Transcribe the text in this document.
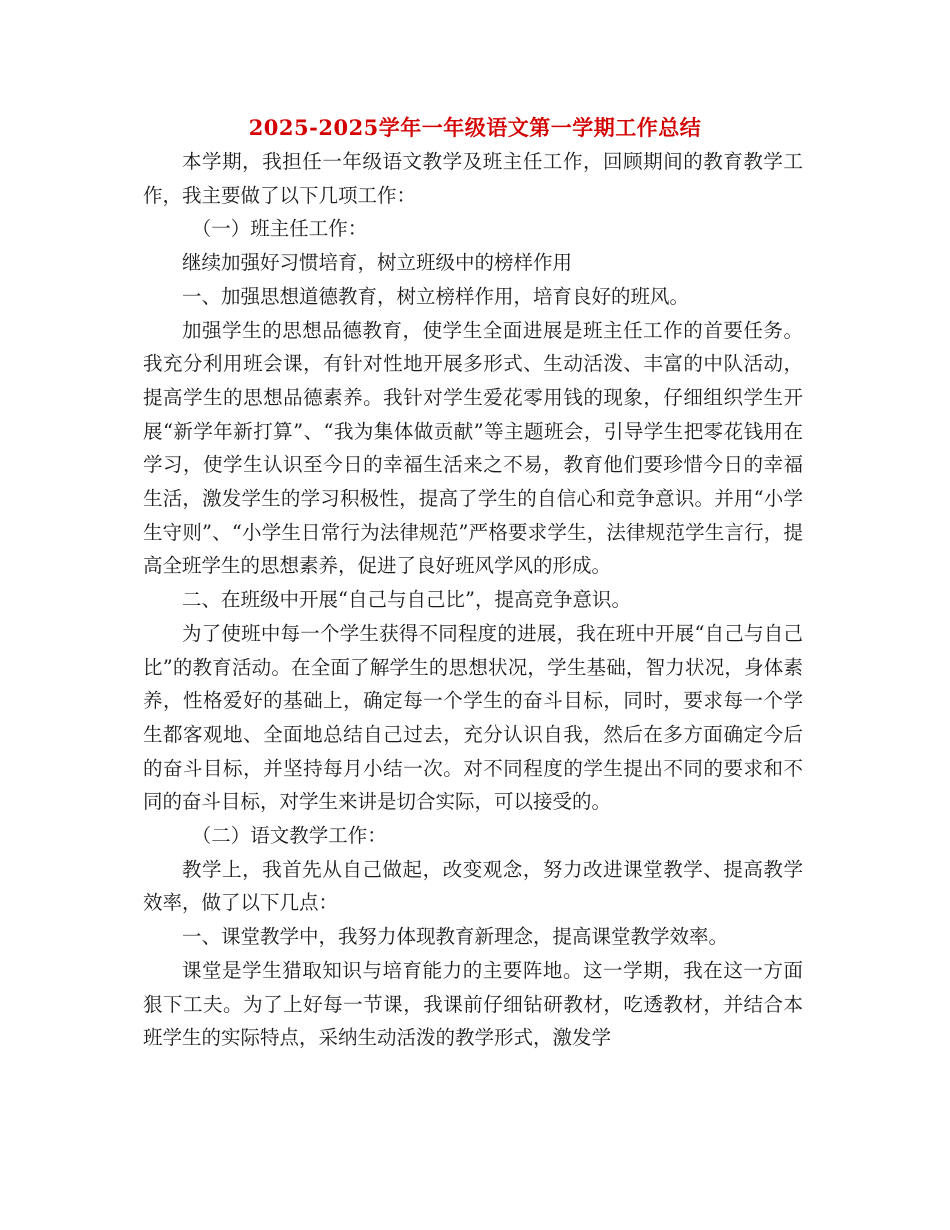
2025-2025学年一年级语文第一学期工作总结

本学期，我担任一年级语文教学及班主任工作，回顾期间的教育教学工作，我主要做了以下几项工作：

（一）班主任工作：

继续加强好习惯培育，树立班级中的榜样作用

一、加强思想道德教育，树立榜样作用，培育良好的班风。

加强学生的思想品德教育，使学生全面进展是班主任工作的首要任务。我充分利用班会课，有针对性地开展多形式、生动活泼、丰富的中队活动，提高学生的思想品德素养。我针对学生爱花零用钱的现象，仔细组织学生开展“新学年新打算”、“我为集体做贡献”等主题班会，引导学生把零花钱用在学习，使学生认识至今日的幸福生活来之不易，教育他们要珍惜今日的幸福生活，激发学生的学习积极性，提高了学生的自信心和竞争意识。并用“小学生守则”、“小学生日常行为法律规范”严格要求学生，法律规范学生言行，提高全班学生的思想素养，促进了良好班风学风的形成。

二、在班级中开展“自己与自己比”，提高竞争意识。

为了使班中每一个学生获得不同程度的进展，我在班中开展“自己与自己比”的教育活动。在全面了解学生的思想状况，学生基础，智力状况，身体素养，性格爱好的基础上，确定每一个学生的奋斗目标，同时，要求每一个学生都客观地、全面地总结自己过去，充分认识自我，然后在多方面确定今后的奋斗目标，并坚持每月小结一次。对不同程度的学生提出不同的要求和不同的奋斗目标，对学生来讲是切合实际，可以接受的。

（二）语文教学工作：

教学上，我首先从自己做起，改变观念，努力改进课堂教学、提高教学效率，做了以下几点：

一、课堂教学中，我努力体现教育新理念，提高课堂教学效率。

课堂是学生猎取知识与培育能力的主要阵地。这一学期，我在这一方面狠下工夫。为了上好每一节课，我课前仔细钻研教材，吃透教材，并结合本班学生的实际特点，采纳生动活泼的教学形式，激发学
